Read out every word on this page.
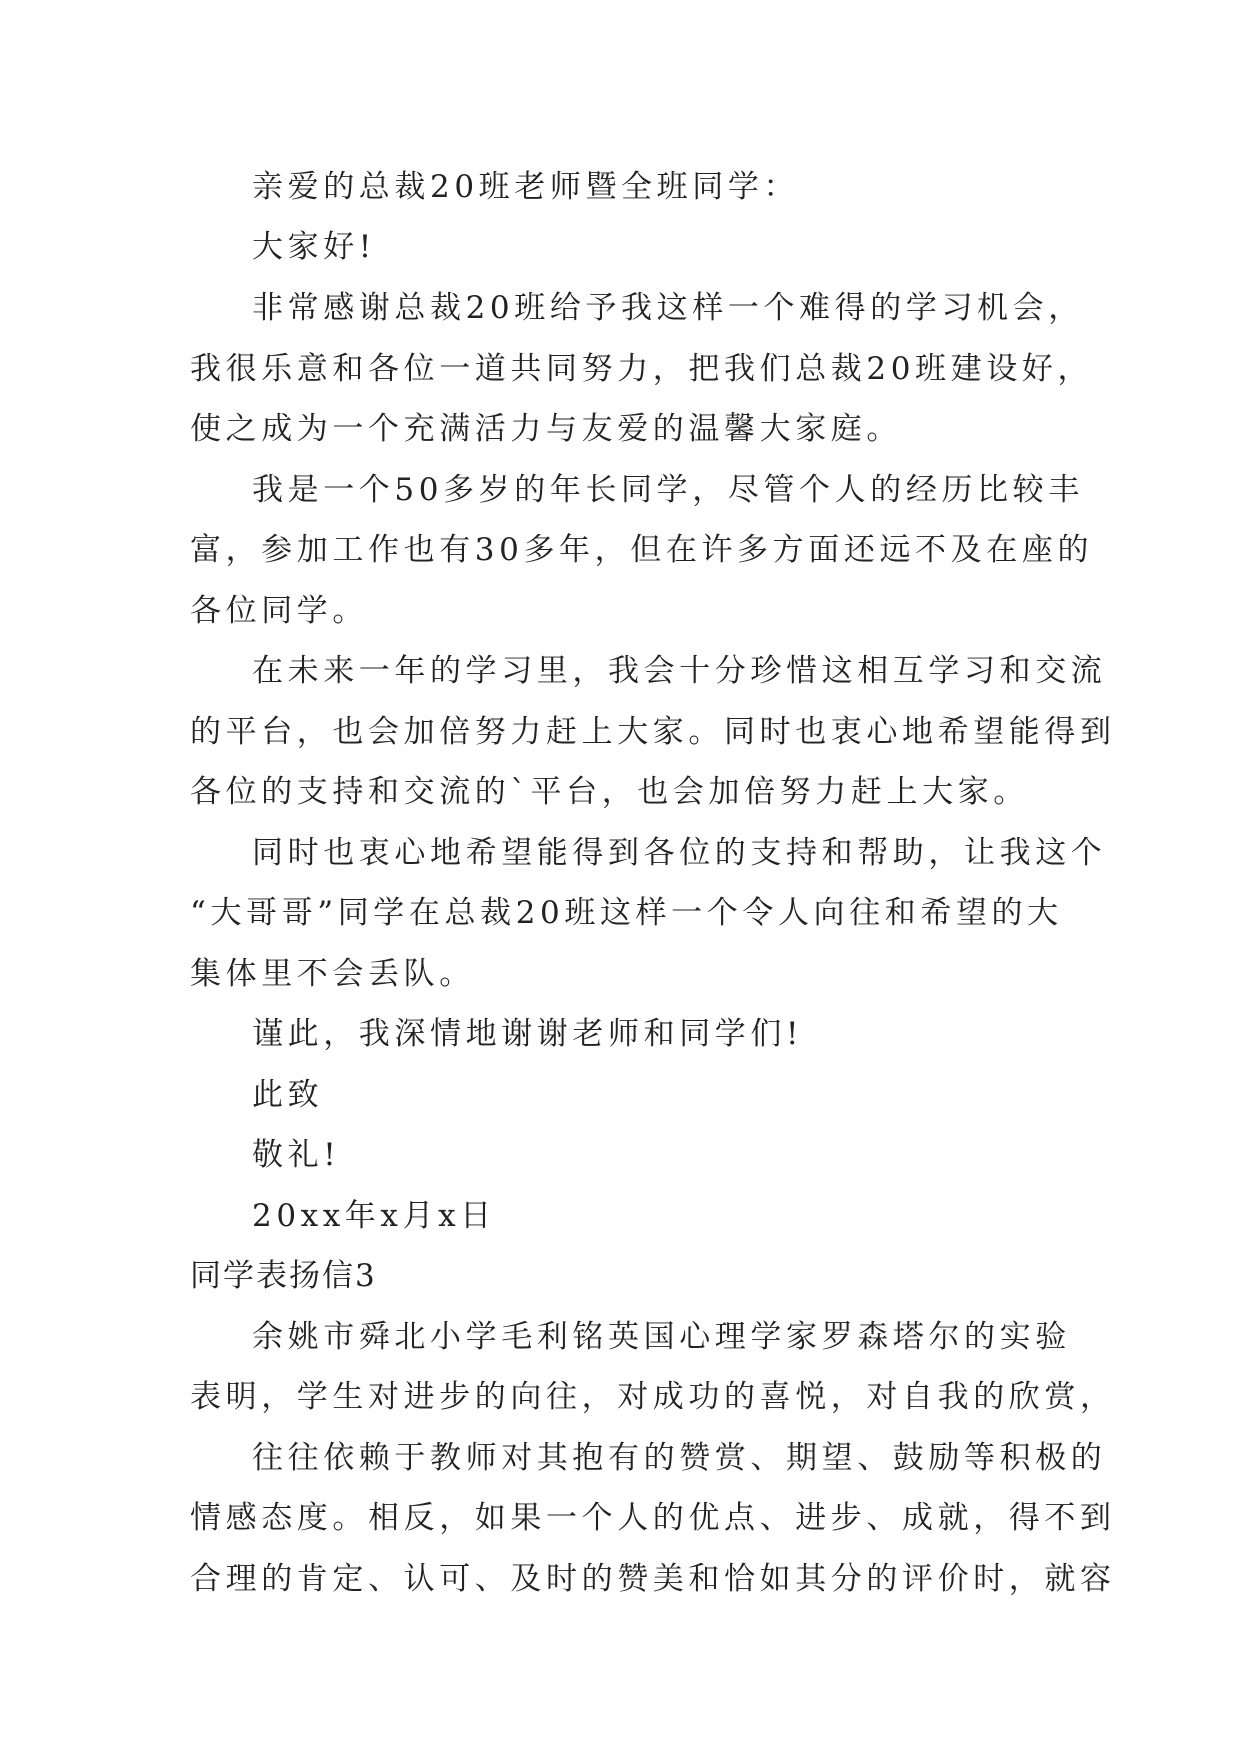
亲爱的总裁20班老师暨全班同学：
大家好!
非常感谢总裁20班给予我这样一个难得的学习机会，
我很乐意和各位一道共同努力，把我们总裁20班建设好，
使之成为一个充满活力与友爱的温馨大家庭。
我是一个50多岁的年长同学，尽管个人的经历比较丰
富，参加工作也有30多年，但在许多方面还远不及在座的
各位同学。
在未来一年的学习里，我会十分珍惜这相互学习和交流
的平台，也会加倍努力赶上大家。同时也衷心地希望能得到
各位的支持和交流的`平台，也会加倍努力赶上大家。
同时也衷心地希望能得到各位的支持和帮助，让我这个
“大哥哥”同学在总裁20班这样一个令人向往和希望的大
集体里不会丢队。
谨此，我深情地谢谢老师和同学们!
此致
敬礼!
20xx年x月x日
同学表扬信3
余姚市舜北小学毛利铭英国心理学家罗森塔尔的实验
表明，学生对进步的向往，对成功的喜悦，对自我的欣赏，
往往依赖于教师对其抱有的赞赏、期望、鼓励等积极的
情感态度。相反，如果一个人的优点、进步、成就，得不到
合理的肯定、认可、及时的赞美和恰如其分的评价时，就容
